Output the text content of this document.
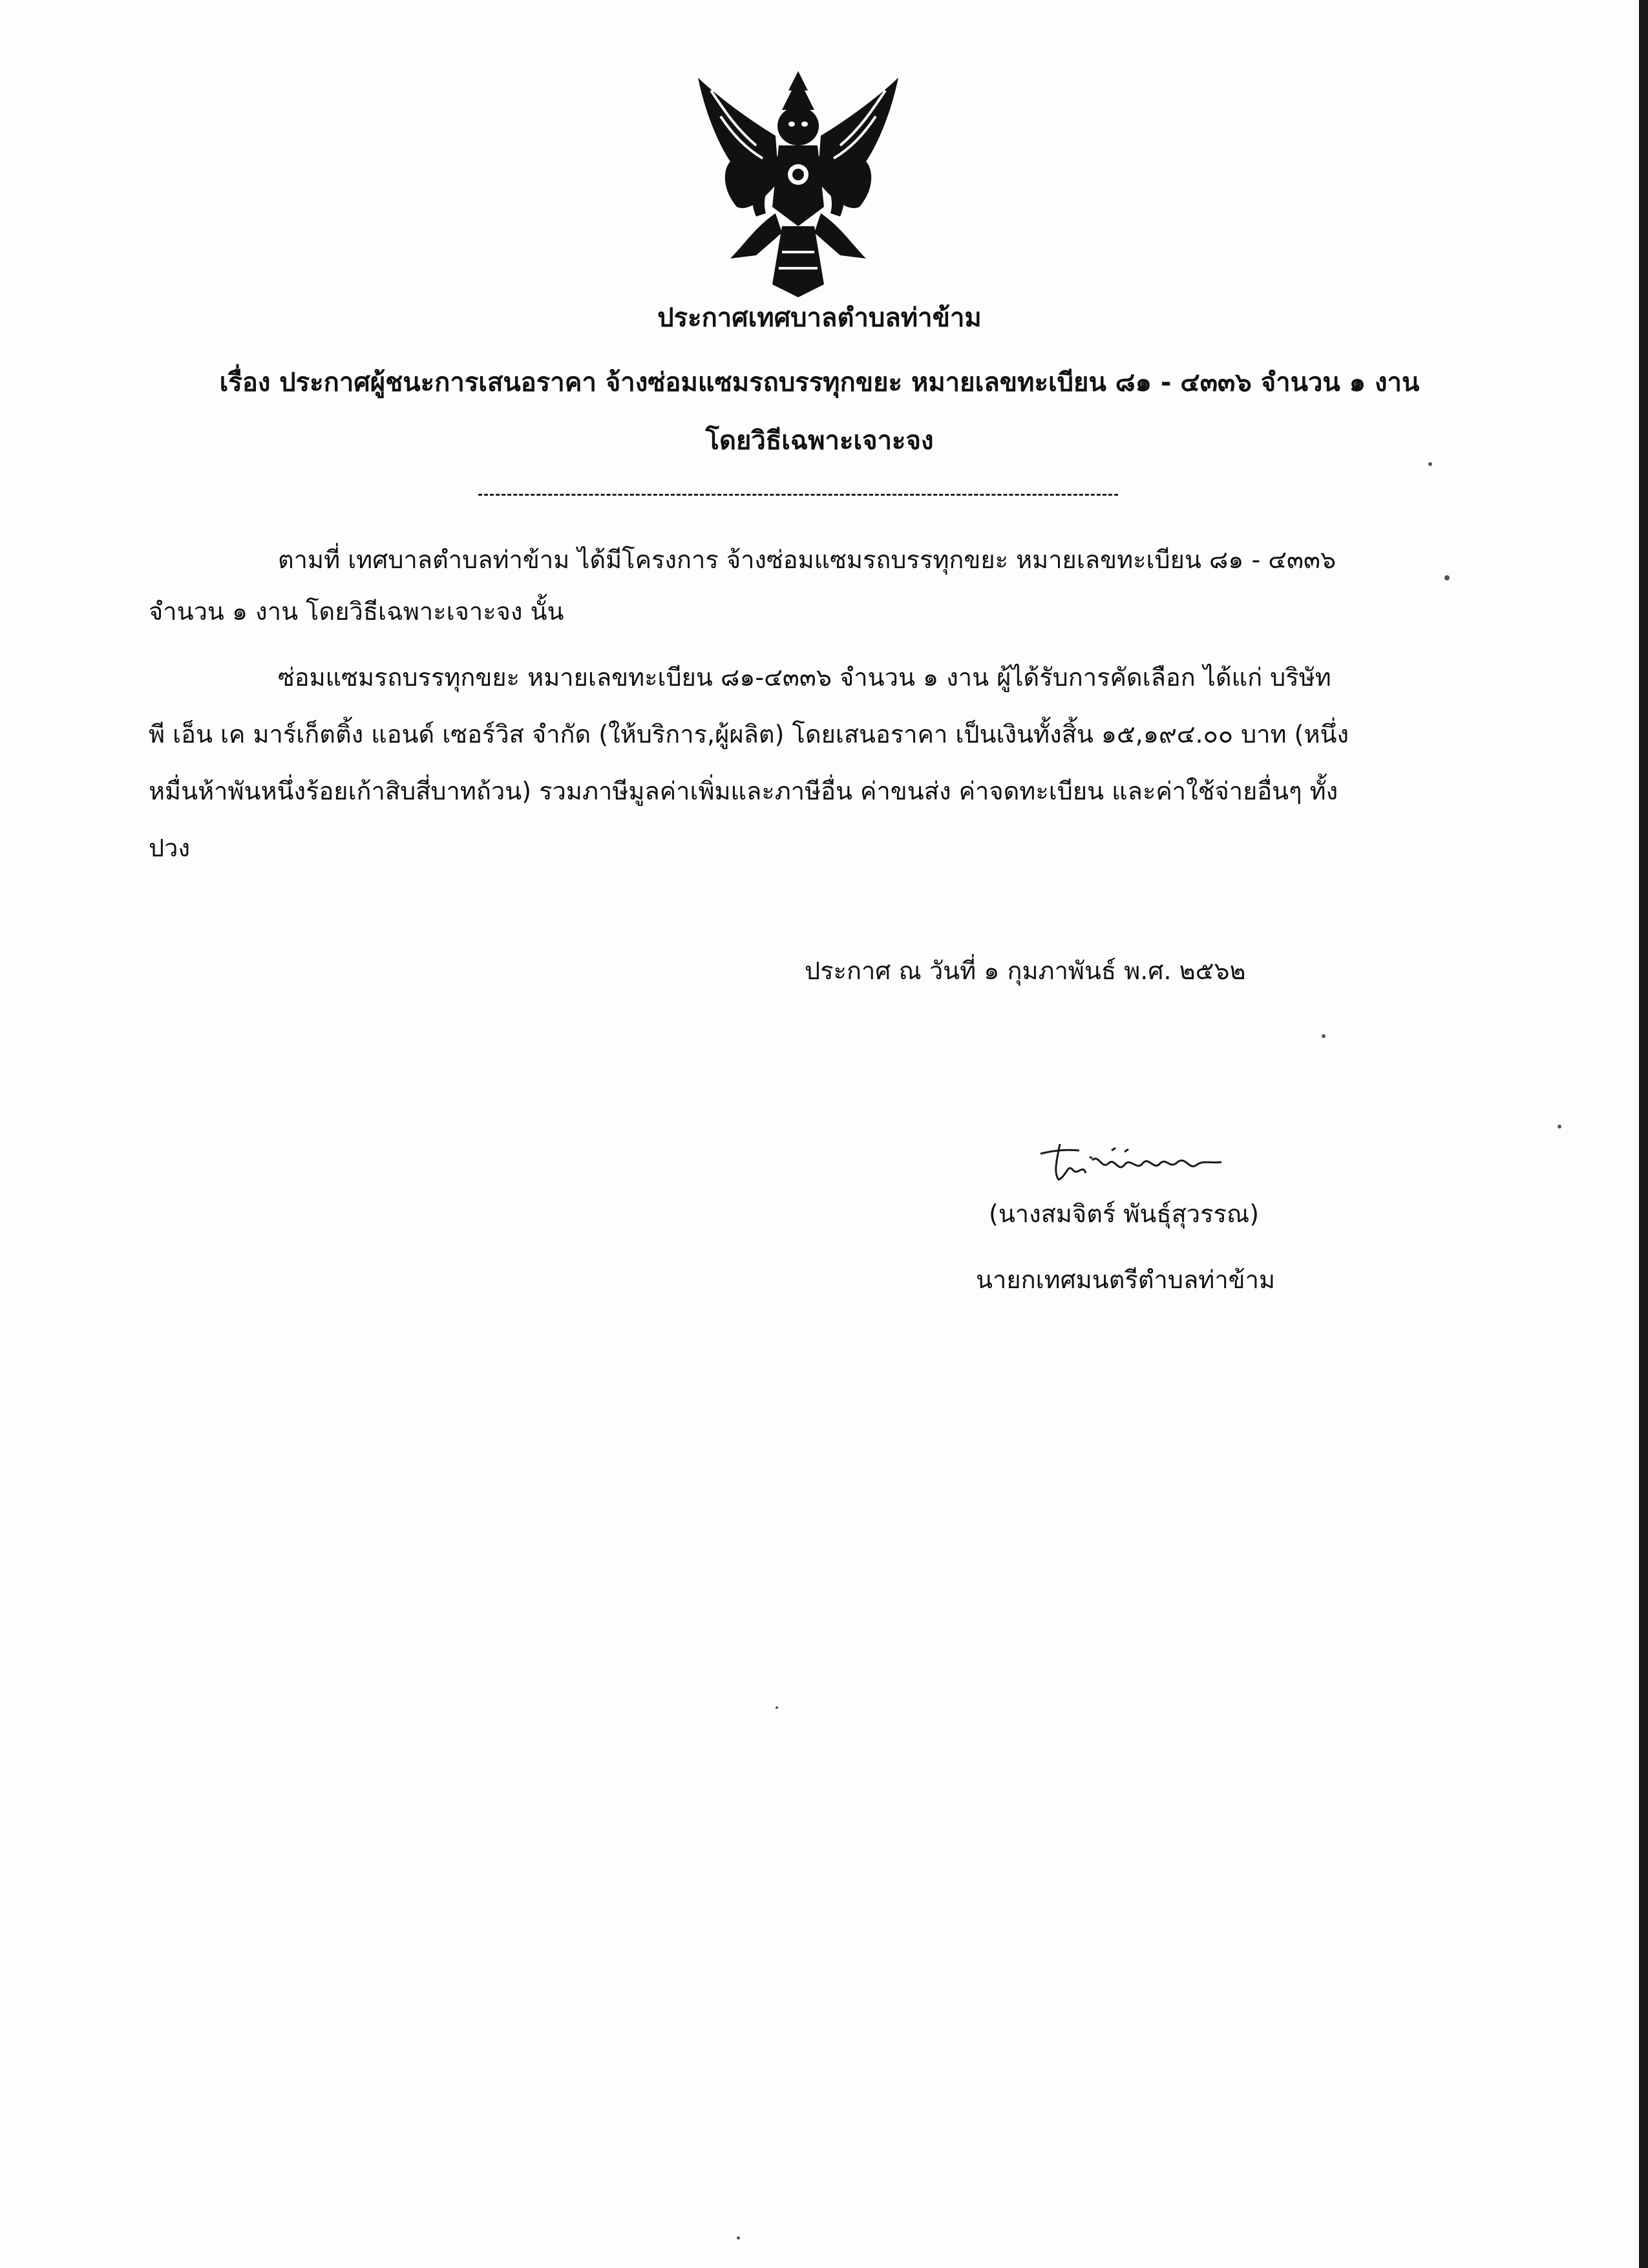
ประกาศเทศบาลตำบลท่าข้าม
เรื่อง ประกาศผู้ชนะการเสนอราคา จ้างซ่อมแซมรถบรรทุกขยะ หมายเลขทะเบียน ๘๑ - ๔๓๓๖ จำนวน ๑ งาน
โดยวิธีเฉพาะเจาะจง
ตามที่ เทศบาลตำบลท่าข้าม ได้มีโครงการ จ้างซ่อมแซมรถบรรทุกขยะ หมายเลขทะเบียน ๘๑ - ๔๓๓๖
จำนวน ๑ งาน โดยวิธีเฉพาะเจาะจง นั้น
ซ่อมแซมรถบรรทุกขยะ หมายเลขทะเบียน ๘๑-๔๓๓๖ จำนวน ๑ งาน ผู้ได้รับการคัดเลือก ได้แก่ บริษัท
พี เอ็น เค มาร์เก็ตติ้ง แอนด์ เซอร์วิส จำกัด (ให้บริการ,ผู้ผลิต) โดยเสนอราคา เป็นเงินทั้งสิ้น ๑๕,๑๙๔.๐๐ บาท (หนึ่ง
หมื่นห้าพันหนึ่งร้อยเก้าสิบสี่บาทถ้วน) รวมภาษีมูลค่าเพิ่มและภาษีอื่น ค่าขนส่ง ค่าจดทะเบียน และค่าใช้จ่ายอื่นๆ ทั้ง
ปวง
ประกาศ ณ วันที่ ๑ กุมภาพันธ์ พ.ศ. ๒๕๖๒
(นางสมจิตร์ พันธุ์สุวรรณ)
นายกเทศมนตรีตำบลท่าข้าม
